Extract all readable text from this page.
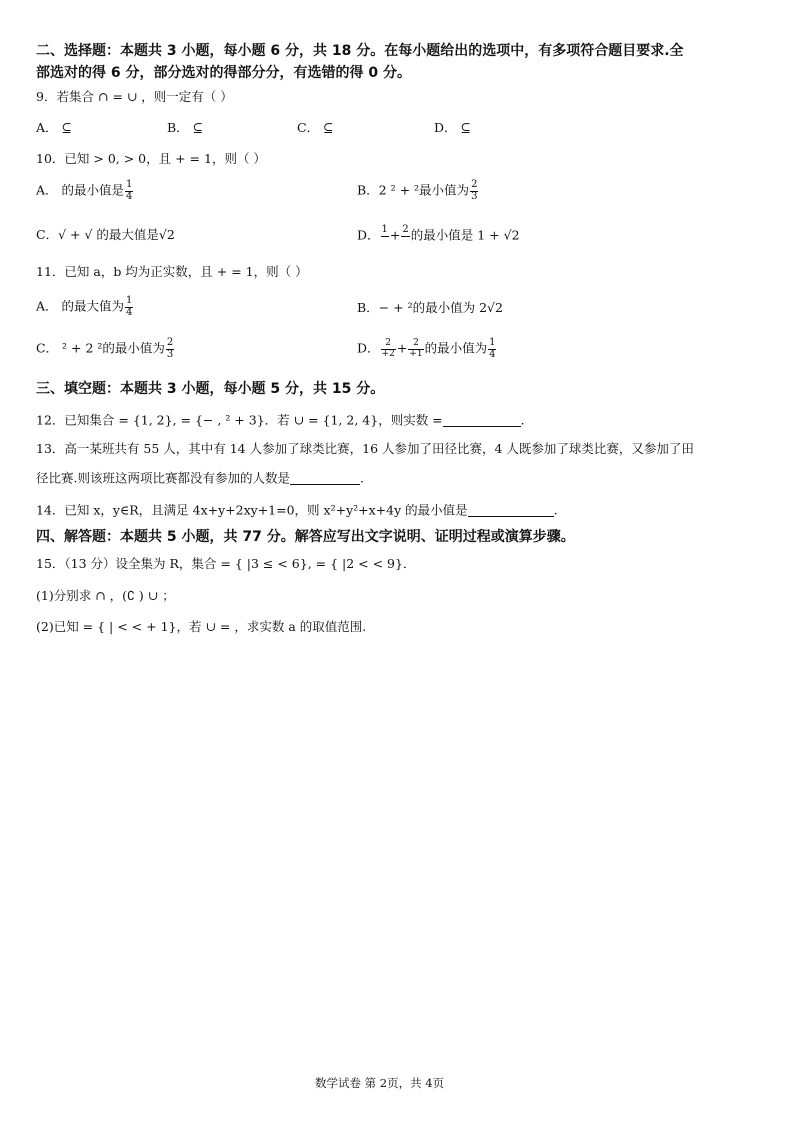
二、选择题：本题共 3 小题，每小题 6 分，共 18 分。在每小题给出的选项中，有多项符合题目要求.全
部选对的得 6 分，部分选对的得部分分，有选错的得 0 分。
9．若集合 ∩ = ∪ ，则一定有（ ）
A． ⊆	B． ⊆	C． ⊆	D． ⊆
10．已知 > 0, > 0，且 + = 1，则（ ）
A． 的最小值是 $\frac{1}{4}$	B．2 ² + ²最小值为 $\frac{2}{3}$
C．√ + √ 的最大值是√2	D． 1
+ 2
的最小值是 1 + √2
11．已知 a，b 均为正实数，且 + = 1，则（ ）
A． 的最大值为 $\frac{1}{4}$	B．− + ²的最小值为 2√2
C． ² + 2 ²的最小值为 $\frac{2}{3}$	D． $\frac{2}{+2} + \frac{2}{+1}$ 的最小值为 $\frac{1}{4}$
三、填空题：本题共 3 小题，每小题 5 分，共 15 分。
12．已知集合 = {1, 2}, = {− , ² + 3}．若 ∪ = {1, 2, 4}，则实数 =	.
13．高一某班共有 55 人，其中有 14 人参加了球类比赛，16 人参加了田径比赛，4 人既参加了球类比赛，又参加了田
径比赛.则该班这两项比赛都没有参加的人数是	.
14．已知 x，y∈R，且满足 4x+y+2xy+1=0，则 x²+y²+x+4y 的最小值是	.
四、解答题：本题共 5 小题，共 77 分。解答应写出文字说明、证明过程或演算步骤。
15．（13 分）设全集为 R，集合 = { |3 ≤ < 6}, = { |2 < < 9}．
(1)分别求 ∩ ，(∁ ) ∪ ；
(2)已知 = { | < < + 1}，若 ∪ = ，求实数 a 的取值范围.
数学试卷 第 2页，共 4页
